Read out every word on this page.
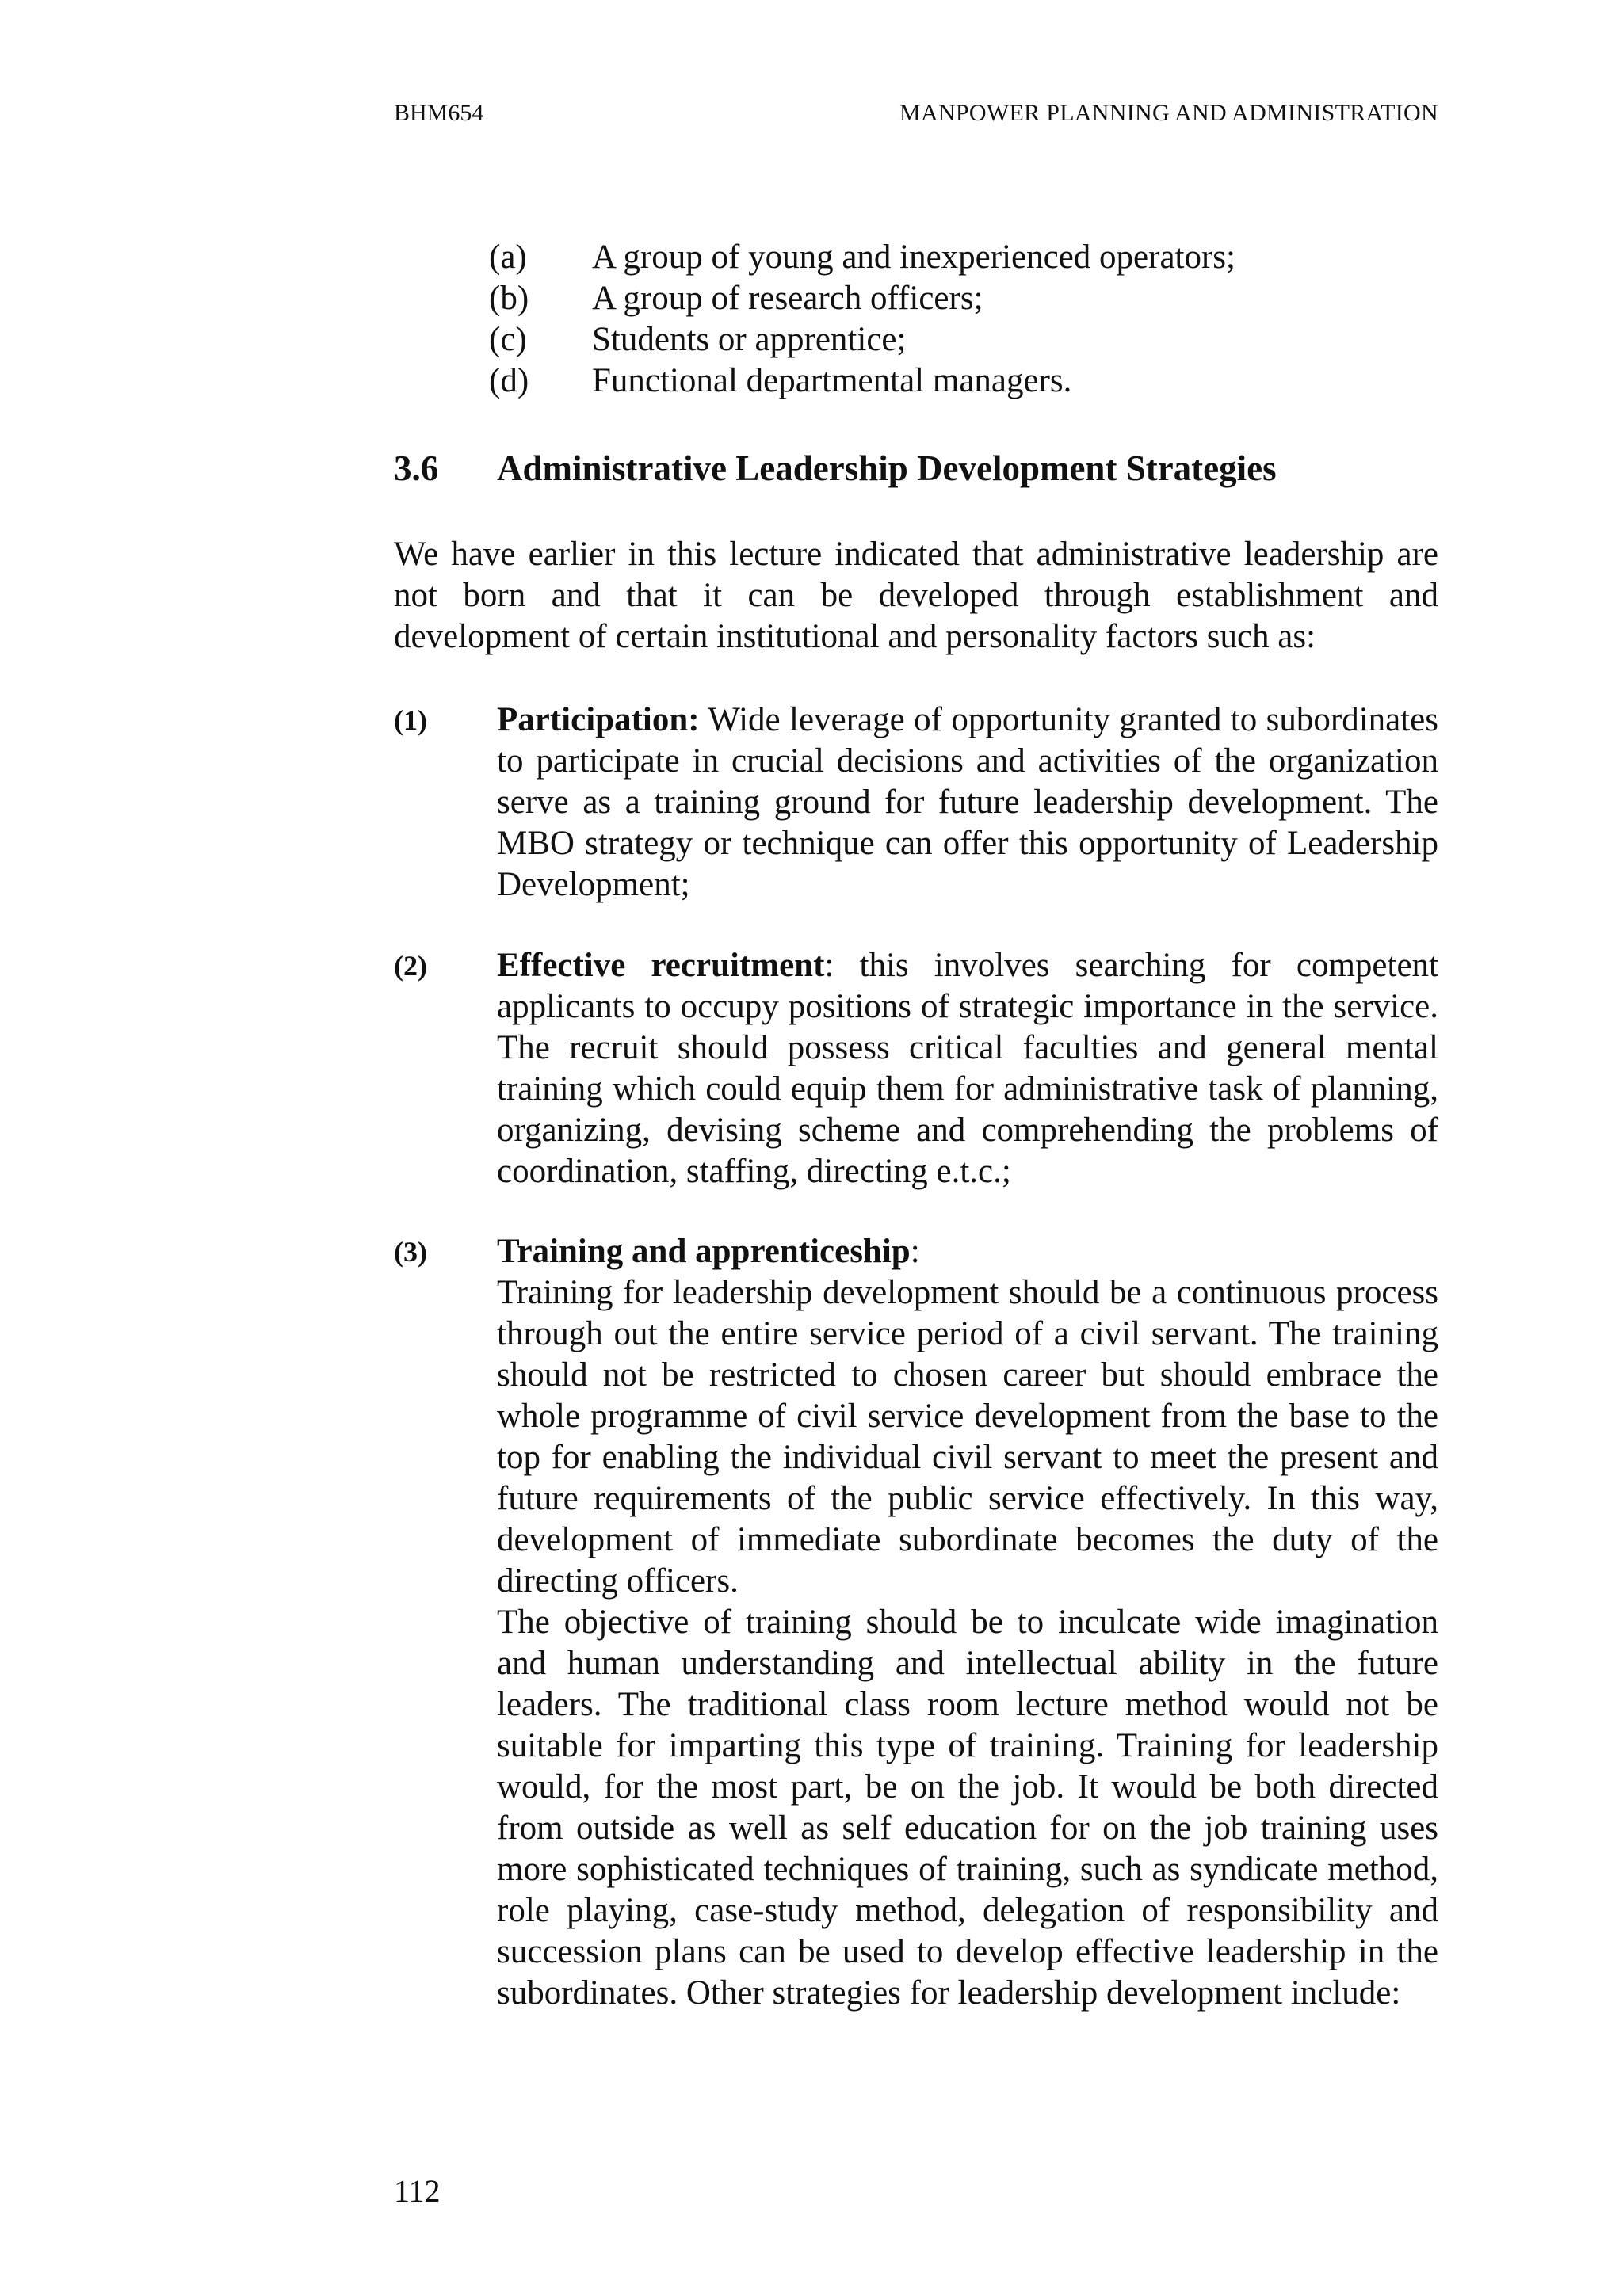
BHM654	MANPOWER PLANNING AND ADMINISTRATION
(a)	A group of young and inexperienced operators;
(b)	A group of research officers;
(c)	Students or apprentice;
(d)	Functional departmental managers.
3.6	Administrative Leadership Development Strategies
We have earlier in this lecture indicated that administrative leadership are not born and that it can be developed through establishment and development of certain institutional and personality factors such as:
(1)	Participation: Wide leverage of opportunity granted to subordinates to participate in crucial decisions and activities of the organization serve as a training ground for future leadership development. The MBO strategy or technique can offer this opportunity of Leadership Development;
(2)	Effective recruitment: this involves searching for competent applicants to occupy positions of strategic importance in the service. The recruit should possess critical faculties and general mental training which could equip them for administrative task of planning, organizing, devising scheme and comprehending the problems of coordination, staffing, directing e.t.c.;
(3)	Training and apprenticeship:

Training for leadership development should be a continuous process through out the entire service period of a civil servant. The training should not be restricted to chosen career but should embrace the whole programme of civil service development from the base to the top for enabling the individual civil servant to meet the present and future requirements of the public service effectively. In this way, development of immediate subordinate becomes the duty of the directing officers.

The objective of training should be to inculcate wide imagination and human understanding and intellectual ability in the future leaders. The traditional class room lecture method would not be suitable for imparting this type of training. Training for leadership would, for the most part, be on the job. It would be both directed from outside as well as self education for on the job training uses more sophisticated techniques of training, such as syndicate method, role playing, case-study method, delegation of responsibility and succession plans can be used to develop effective leadership in the subordinates. Other strategies for leadership development include:

112
